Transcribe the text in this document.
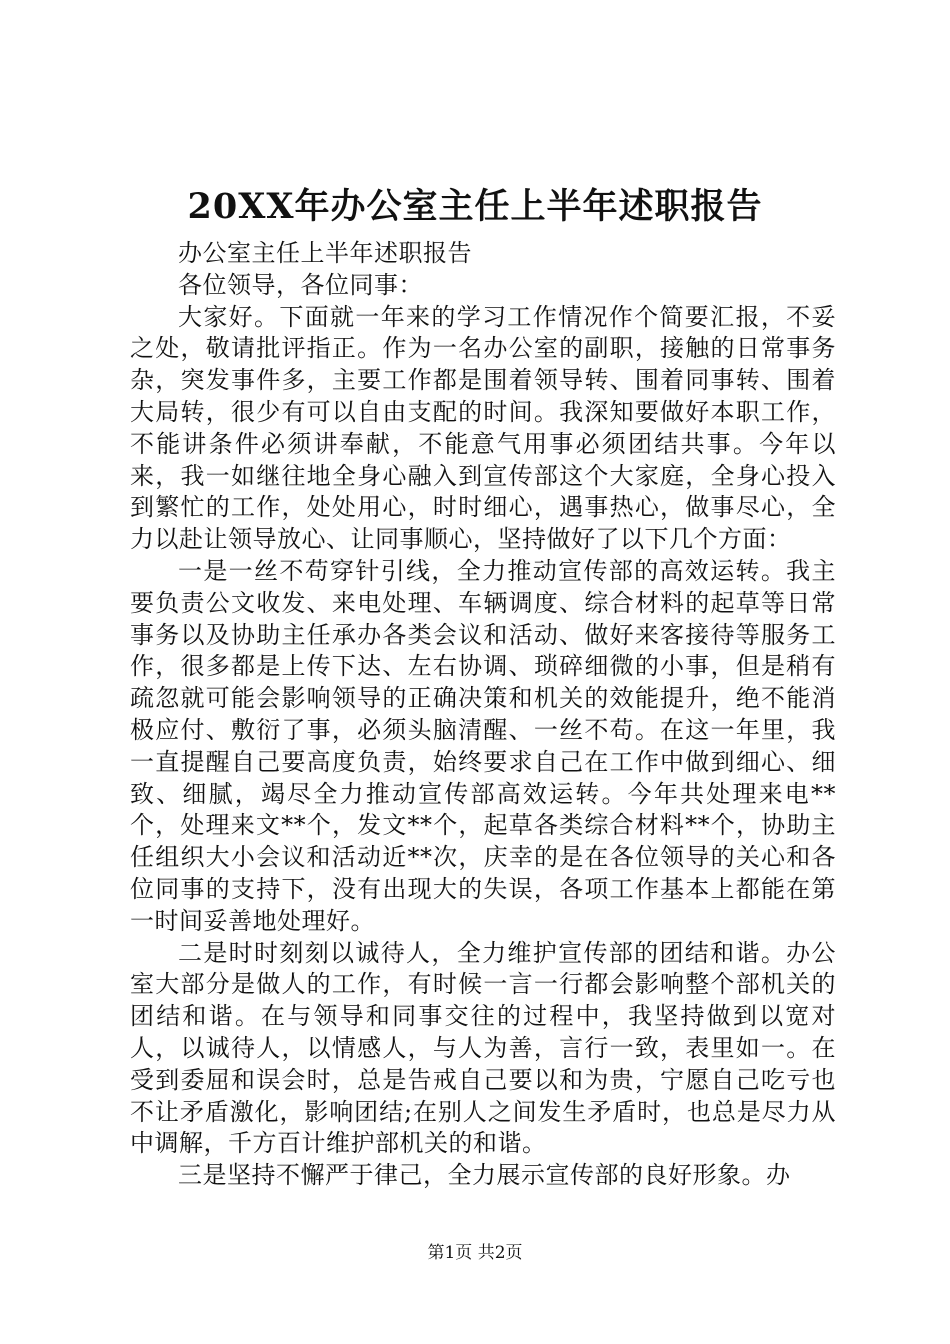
20XX年办公室主任上半年述职报告

办公室主任上半年述职报告

各位领导，各位同事：

大家好。下面就一年来的学习工作情况作个简要汇报，不妥之处，敬请批评指正。作为一名办公室的副职，接触的日常事务杂，突发事件多，主要工作都是围着领导转、围着同事转、围着大局转，很少有可以自由支配的时间。我深知要做好本职工作，不能讲条件必须讲奉献，不能意气用事必须团结共事。今年以来，我一如继往地全身心融入到宣传部这个大家庭，全身心投入到繁忙的工作，处处用心，时时细心，遇事热心，做事尽心，全力以赴让领导放心、让同事顺心，坚持做好了以下几个方面：

一是一丝不苟穿针引线，全力推动宣传部的高效运转。我主要负责公文收发、来电处理、车辆调度、综合材料的起草等日常事务以及协助主任承办各类会议和活动、做好来客接待等服务工作，很多都是上传下达、左右协调、琐碎细微的小事，但是稍有疏忽就可能会影响领导的正确决策和机关的效能提升，绝不能消极应付、敷衍了事，必须头脑清醒、一丝不苟。在这一年里，我一直提醒自己要高度负责，始终要求自己在工作中做到细心、细致、细腻，竭尽全力推动宣传部高效运转。今年共处理来电**个，处理来文**个，发文**个，起草各类综合材料**个，协助主任组织大小会议和活动近**次，庆幸的是在各位领导的关心和各位同事的支持下，没有出现大的失误，各项工作基本上都能在第一时间妥善地处理好。

二是时时刻刻以诚待人，全力维护宣传部的团结和谐。办公室大部分是做人的工作，有时候一言一行都会影响整个部机关的团结和谐。在与领导和同事交往的过程中，我坚持做到以宽对人，以诚待人，以情感人，与人为善，言行一致，表里如一。在受到委屈和误会时，总是告戒自己要以和为贵，宁愿自己吃亏也不让矛盾激化，影响团结;在别人之间发生矛盾时，也总是尽力从中调解，千方百计维护部机关的和谐。

三是坚持不懈严于律己，全力展示宣传部的良好形象。办

第1页 共2页
